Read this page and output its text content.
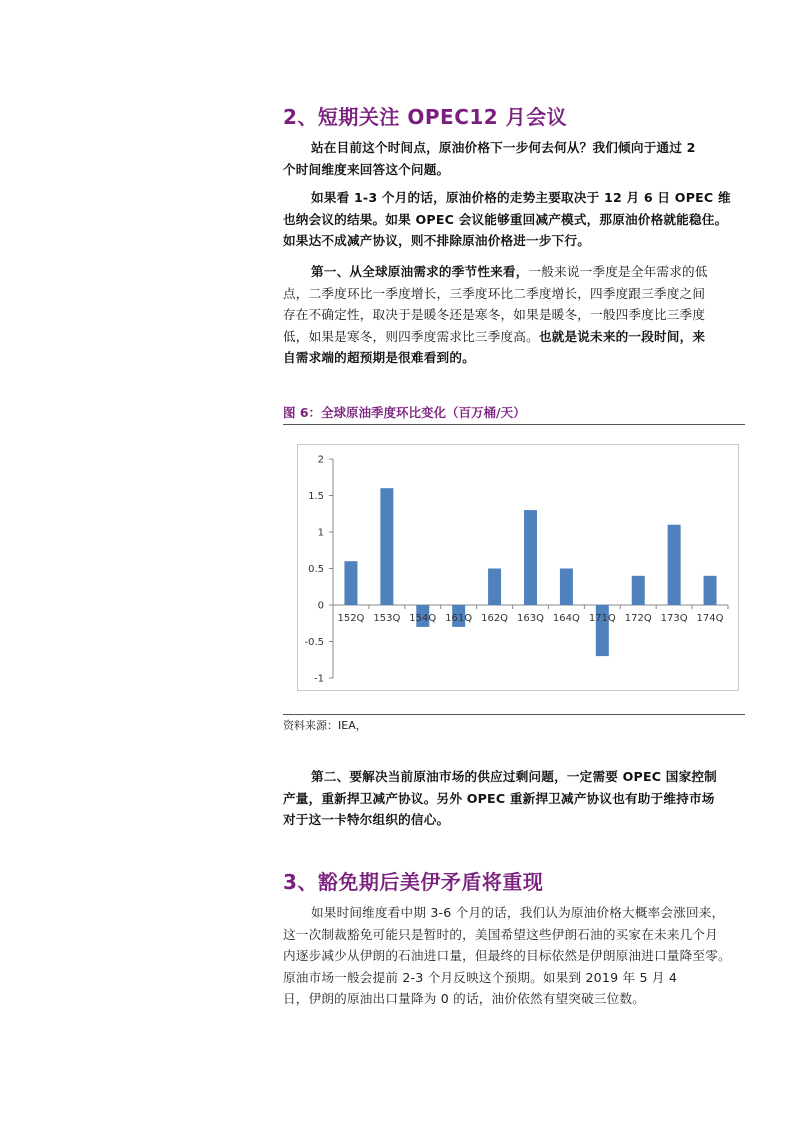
2、短期关注 OPEC12 月会议
站在目前这个时间点，原油价格下一步何去何从？我们倾向于通过 2
个时间维度来回答这个问题。
如果看 1-3 个月的话，原油价格的走势主要取决于 12 月 6 日 OPEC 维
也纳会议的结果。如果 OPEC 会议能够重回减产模式，那原油价格就能稳住。
如果达不成减产协议，则不排除原油价格进一步下行。
第一、从全球原油需求的季节性来看，一般来说一季度是全年需求的低
点，二季度环比一季度增长，三季度环比二季度增长，四季度跟三季度之间
存在不确定性，取决于是暖冬还是寒冬，如果是暖冬，一般四季度比三季度
低，如果是寒冬，则四季度需求比三季度高。也就是说未来的一段时间，来
自需求端的超预期是很难看到的。
图 6：全球原油季度环比变化（百万桶/天）
2
1.5
1
0.5
0
-0.5
-1
152Q 153Q 154Q 161Q 162Q 163Q 164Q 171Q 172Q 173Q 174Q
资料来源：IEA，
第二、要解决当前原油市场的供应过剩问题，一定需要 OPEC 国家控制
产量，重新捍卫减产协议。另外 OPEC 重新捍卫减产协议也有助于维持市场
对于这一卡特尔组织的信心。
3、豁免期后美伊矛盾将重现
如果时间维度看中期 3-6 个月的话，我们认为原油价格大概率会涨回来，
这一次制裁豁免可能只是暂时的，美国希望这些伊朗石油的买家在未来几个月
内逐步减少从伊朗的石油进口量，但最终的目标依然是伊朗原油进口量降至零。
原油市场一般会提前 2-3 个月反映这个预期。如果到 2019 年 5 月 4
日，伊朗的原油出口量降为 0 的话，油价依然有望突破三位数。
